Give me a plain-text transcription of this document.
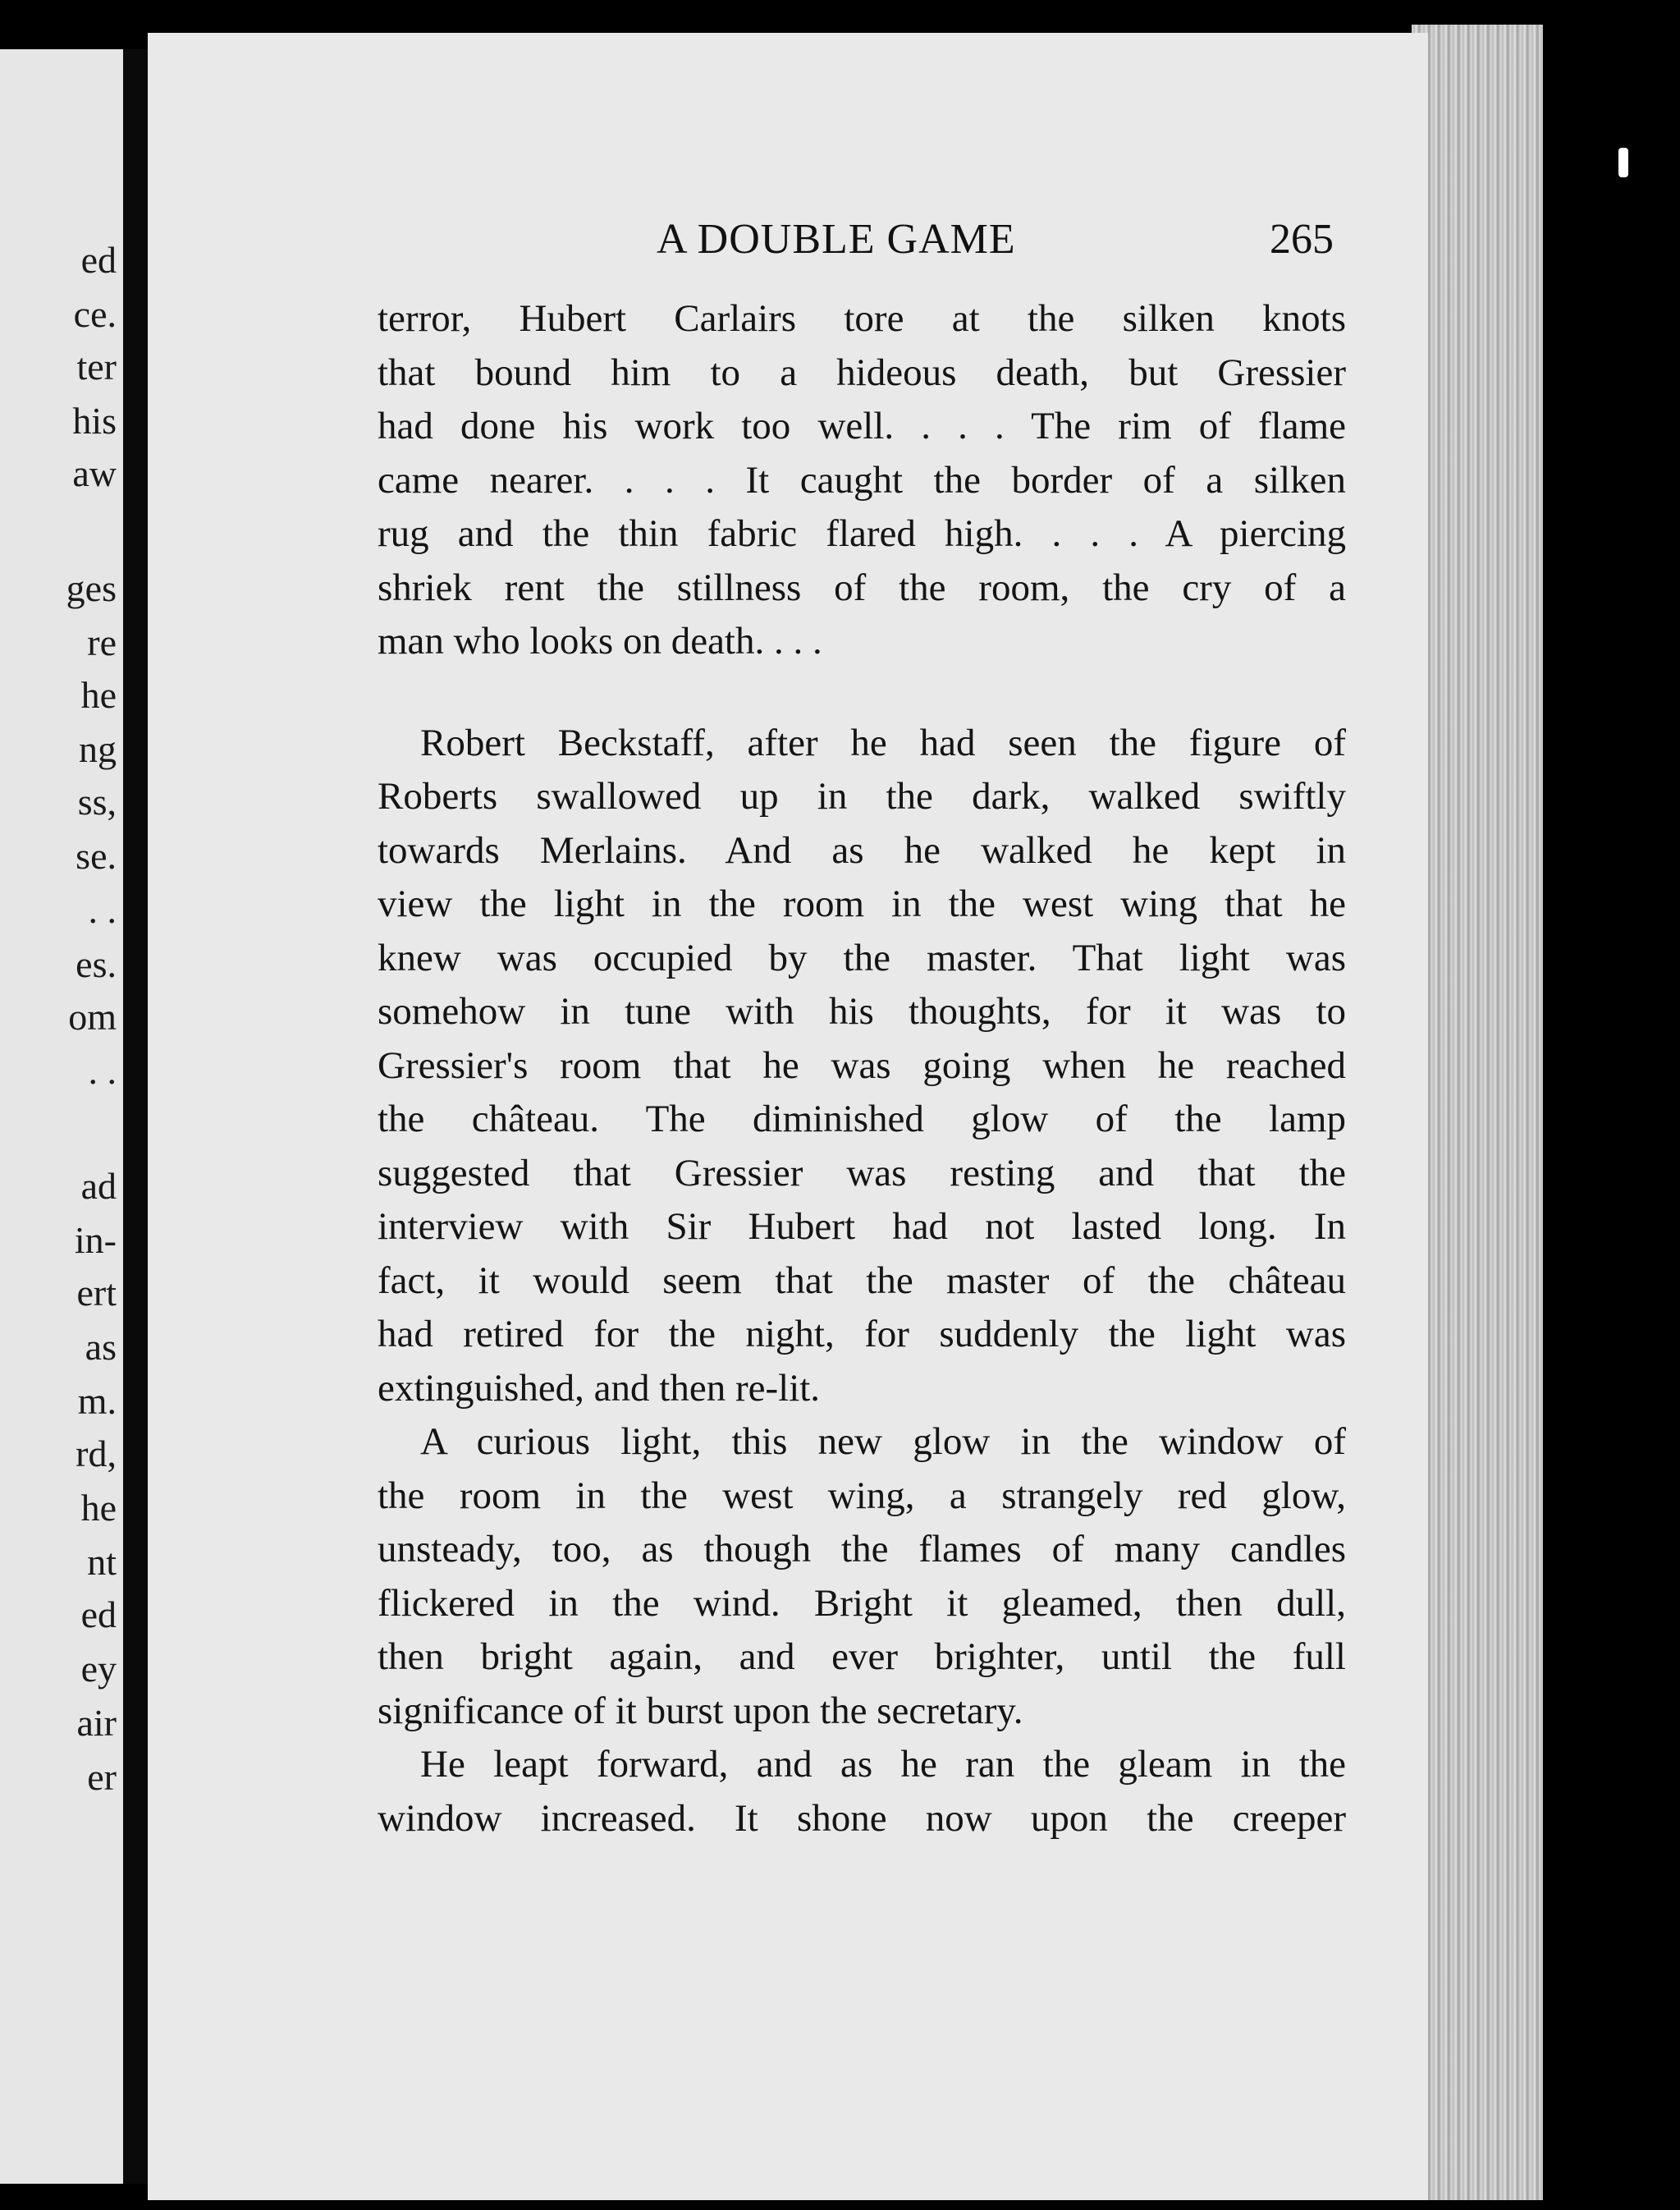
ed
ce.
ter
his
aw
ges
re
he
ng
ss,
se.
. .
es.
om
. .
ad
in-
ert
as
m.
rd,
he
nt
ed
ey
air
er
A DOUBLE GAME	265
terror, Hubert Carlairs tore at the silken knots
that bound him to a hideous death, but Gressier
had done his work too well. . . . The rim of flame
came nearer. . . . It caught the border of a silken
rug and the thin fabric flared high. . . . A piercing
shriek rent the stillness of the room, the cry of a
man who looks on death. . . .
Robert Beckstaff, after he had seen the figure of
Roberts swallowed up in the dark, walked swiftly
towards Merlains. And as he walked he kept in
view the light in the room in the west wing that he
knew was occupied by the master. That light was
somehow in tune with his thoughts, for it was to
Gressier's room that he was going when he reached
the château. The diminished glow of the lamp
suggested that Gressier was resting and that the
interview with Sir Hubert had not lasted long. In
fact, it would seem that the master of the château
had retired for the night, for suddenly the light was
extinguished, and then re-lit.
A curious light, this new glow in the window of
the room in the west wing, a strangely red glow,
unsteady, too, as though the flames of many candles
flickered in the wind. Bright it gleamed, then dull,
then bright again, and ever brighter, until the full
significance of it burst upon the secretary.
He leapt forward, and as he ran the gleam in the
window increased. It shone now upon the creeper
